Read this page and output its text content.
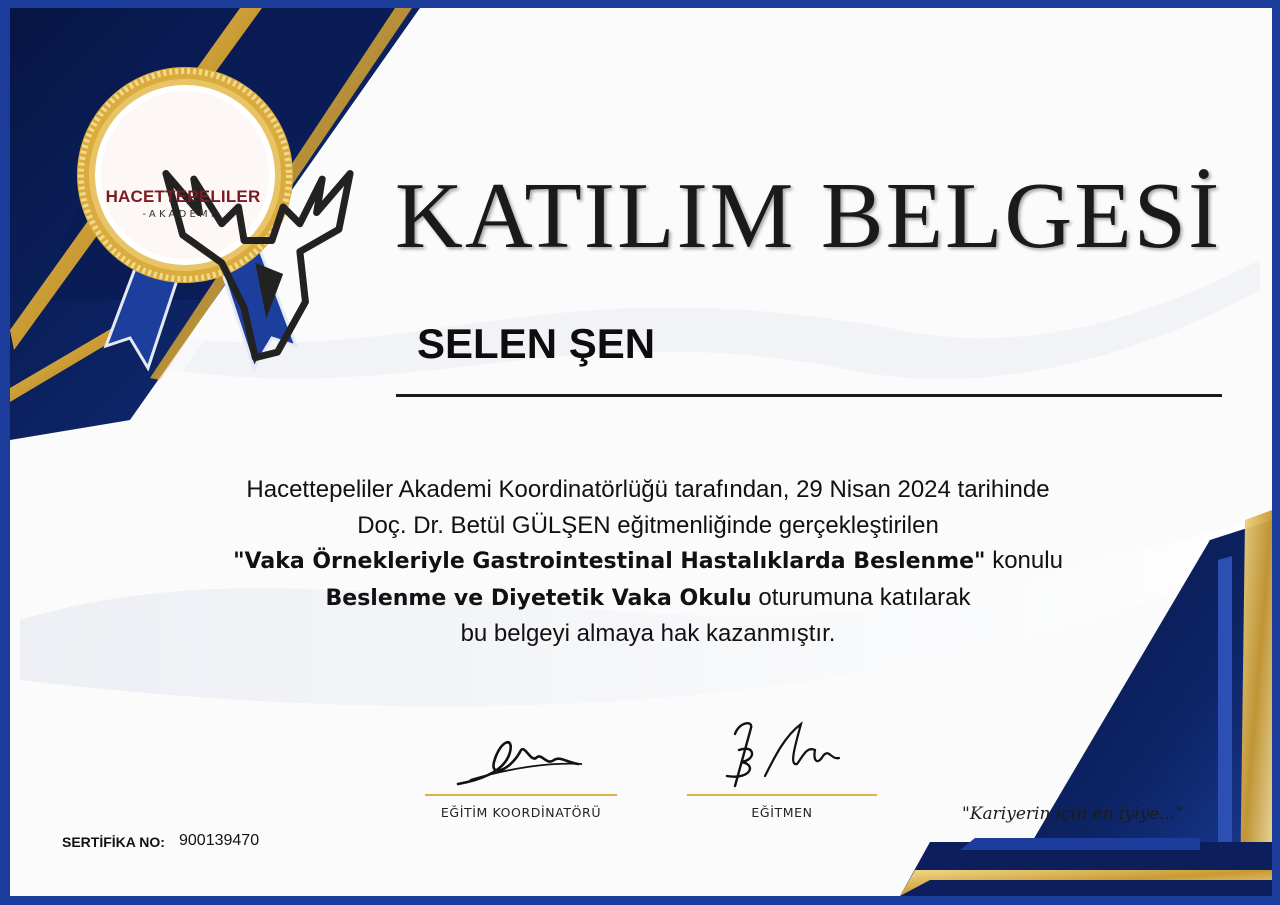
HACETTEPELILER
-AKADEMi-	KATILIM BELGESİ
SELEN ŞEN
Hacettepeliler Akademi Koordinatörlüğü tarafından, 29 Nisan 2024 tarihinde
Doç. Dr. Betül GÜLŞEN eğitmenliğinde gerçekleştirilen
"Vaka Örnekleriyle Gastrointestinal Hastalıklarda Beslenme" konulu
Beslenme ve Diyetetik Vaka Okulu oturumuna katılarak
bu belgeyi almaya hak kazanmıştır.
EĞİTİM KOORDİNATÖRÜ	EĞİTMEN	"Kariyerin için en iyiye..."
SERTİFİKA NO: 900139470
